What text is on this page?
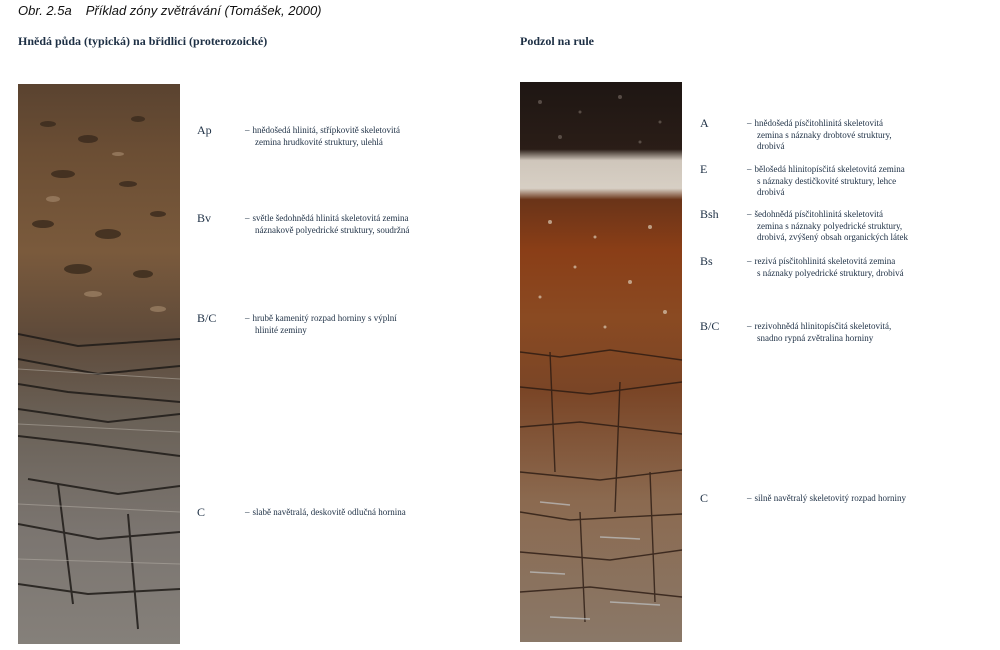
Obr. 2.5a Příklad zóny zvětrávání (Tomášek, 2000)
Hnědá půda (typická) na břidlici (proterozoické)
Ap	– hnědošedá hlinitá, střípkovitě skeletovitá
zemina hrudkovité struktury, ulehlá
Bv	– světle šedohnědá hlinitá skeletovitá zemina
náznakově polyedrické struktury, soudržná
B/C	– hrubě kamenitý rozpad horniny s výplní
hlinité zeminy
C	– slabě navětralá, deskovitě odlučná hornina
Podzol na rule
A	– hnědošedá písčitohlinitá skeletovitá
zemina s náznaky drobtové struktury,
drobivá
E	– bělošedá hlinitopísčitá skeletovitá zemina
s náznaky destičkovité struktury, lehce
drobivá
Bsh	– šedohnědá písčitohlinitá skeletovitá
zemina s náznaky polyedrické struktury,
drobivá, zvýšený obsah organických látek
Bs	– rezivá písčitohlinitá skeletovitá zemina
s náznaky polyedrické struktury, drobivá
B/C	– rezivohnědá hlinitopísčitá skeletovitá,
snadno rypná zvětralina horniny
C	– silně navětralý skeletovitý rozpad horniny
